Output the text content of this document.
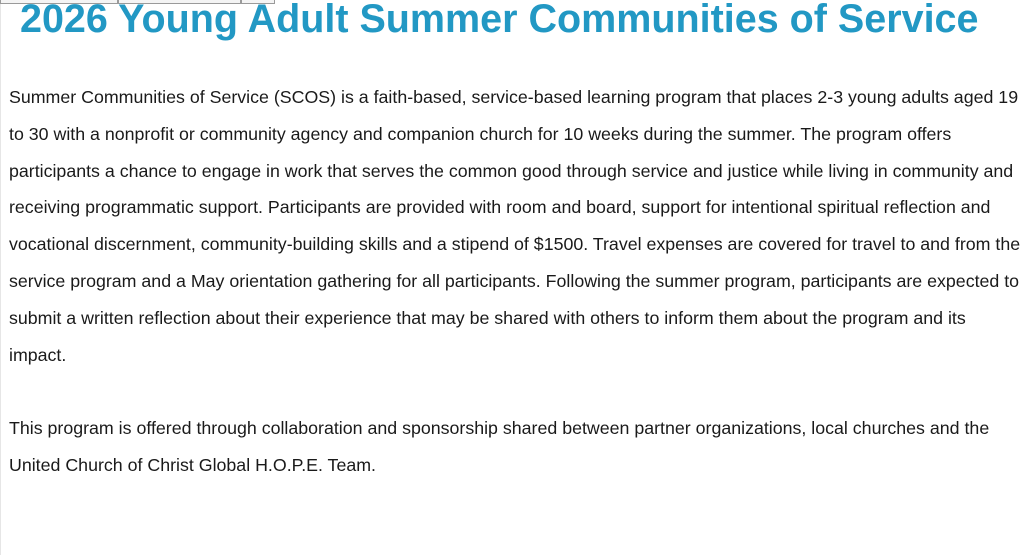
2026 Young Adult Summer Communities of Service

Summer Communities of Service (SCOS) is a faith-based, service-based learning program that places 2-3 young adults aged 19 to 30 with a nonprofit or community agency and companion church for 10 weeks during the summer. The program offers participants a chance to engage in work that serves the common good through service and justice while living in community and receiving programmatic support. Participants are provided with room and board, support for intentional spiritual reflection and vocational discernment, community-building skills and a stipend of $1500. Travel expenses are covered for travel to and from the service program and a May orientation gathering for all participants. Following the summer program, participants are expected to submit a written reflection about their experience that may be shared with others to inform them about the program and its impact.

This program is offered through collaboration and sponsorship shared between partner organizations, local churches and the United Church of Christ Global H.O.P.E. Team.
